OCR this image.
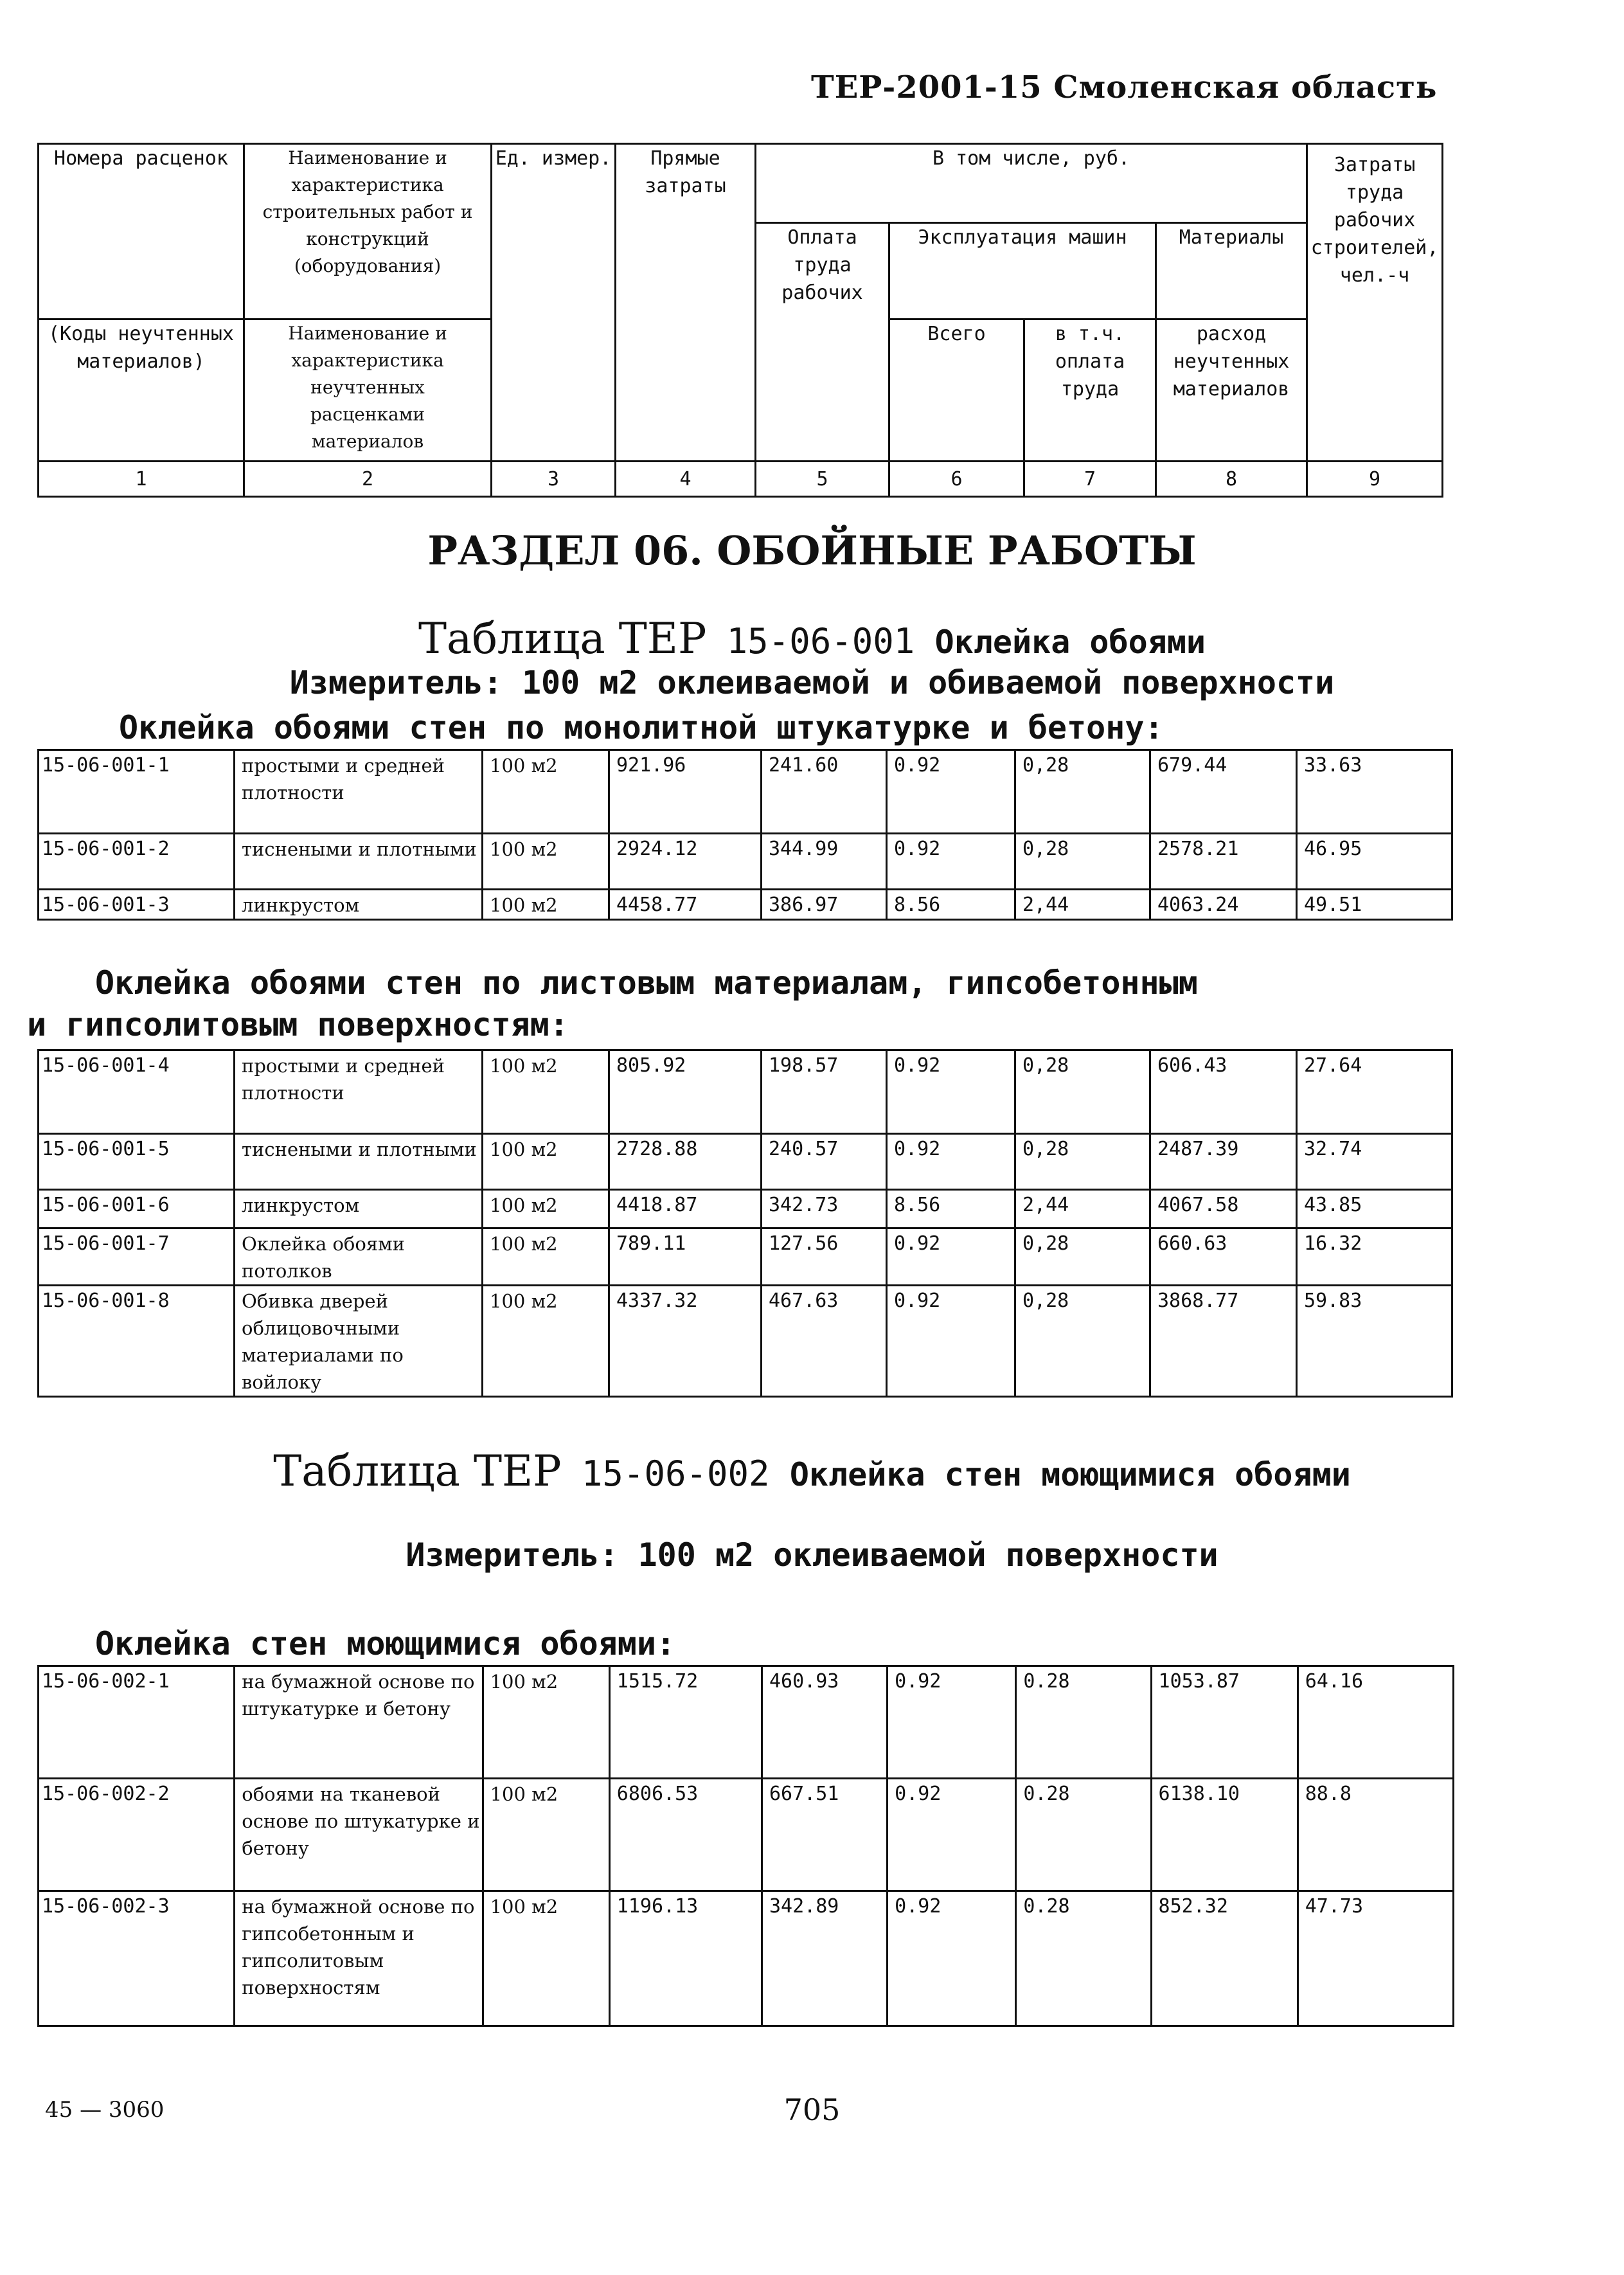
ТЕР-2001-15 Смоленская область
Номера расценок	Наименование и характеристика строительных работ и конструкций (оборудования)	Ед. измер.	Прямые затраты	В том числе, руб.				Затраты труда рабочих строителей, чел.-ч
				Оплата труда рабочих	Эксплуатация машин		Материалы	
(Коды неучтенных материалов)	Наименование и характеристика неучтенных расценками материалов				Всего	в т.ч. оплата труда	расход неучтенных материалов	
1	2	3	4	5	6	7	8	9
РАЗДЕЛ 06. ОБОЙНЫЕ РАБОТЫ
Таблица ТЕР 15-06-001 Оклейка обоями
Измеритель: 100 м2 оклеиваемой и обиваемой поверхности
Оклейка обоями стен по монолитной штукатурке и бетону:
15-06-001-1	простыми и средней плотности	100 м2	921.96	241.60	0.92	0,28	679.44	33.63
15-06-001-2	тиснеными и плотными	100 м2	2924.12	344.99	0.92	0,28	2578.21	46.95
15-06-001-3	линкрустом	100 м2	4458.77	386.97	8.56	2,44	4063.24	49.51
Оклейка обоями стен по листовым материалам, гипсобетонным
и гипсолитовым поверхностям:
15-06-001-4	простыми и средней плотности	100 м2	805.92	198.57	0.92	0,28	606.43	27.64
15-06-001-5	тиснеными и плотными	100 м2	2728.88	240.57	0.92	0,28	2487.39	32.74
15-06-001-6	линкрустом	100 м2	4418.87	342.73	8.56	2,44	4067.58	43.85
15-06-001-7	Оклейка обоями потолков	100 м2	789.11	127.56	0.92	0,28	660.63	16.32
15-06-001-8	Обивка дверей облицовочными материалами по войлоку	100 м2	4337.32	467.63	0.92	0,28	3868.77	59.83
Таблица ТЕР 15-06-002 Оклейка стен моющимися обоями
Измеритель: 100 м2 оклеиваемой поверхности
Оклейка стен моющимися обоями:
15-06-002-1	на бумажной основе по штукатурке и бетону	100 м2	1515.72	460.93	0.92	0.28	1053.87	64.16
15-06-002-2	обоями на тканевой основе по штукатурке и бетону	100 м2	6806.53	667.51	0.92	0.28	6138.10	88.8
15-06-002-3	на бумажной основе по гипсобетонным и гипсолитовым поверхностям	100 м2	1196.13	342.89	0.92	0.28	852.32	47.73
45 — 3060	705
